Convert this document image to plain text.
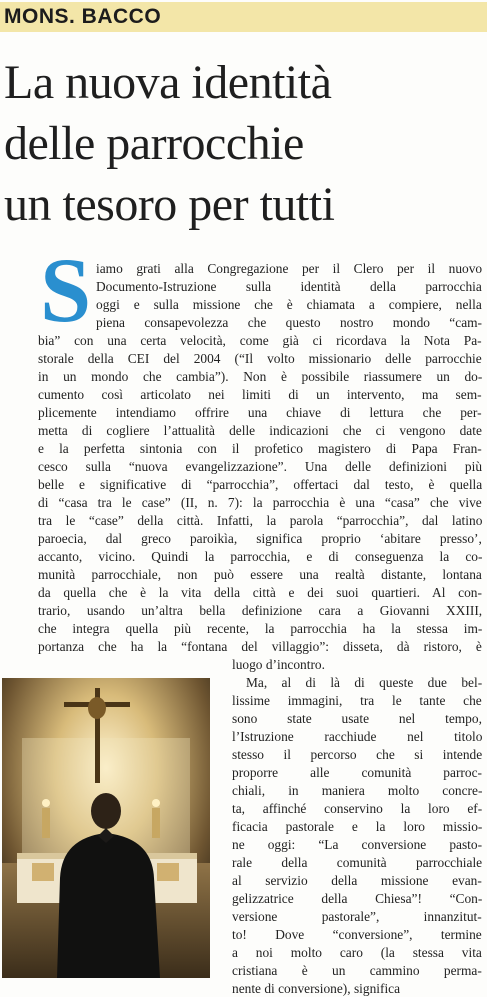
MONS. BACCO
La nuova identità
delle parrocchie
un tesoro per tutti
S iamo grati alla Congregazione per il Clero per il nuovo
Documento-Istruzione sulla identità della parrocchia
oggi e sulla missione che è chiamata a compiere, nella
piena consapevolezza che questo nostro mondo “cam-
bia” con una certa velocità, come già ci ricordava la Nota Pa-
storale della CEI del 2004 (“Il volto missionario delle parrocchie
in un mondo che cambia”). Non è possibile riassumere un do-
cumento così articolato nei limiti di un intervento, ma sem-
plicemente intendiamo offrire una chiave di lettura che per-
metta di cogliere l’attualità delle indicazioni che ci vengono date
e la perfetta sintonia con il profetico magistero di Papa Fran-
cesco sulla “nuova evangelizzazione”. Una delle definizioni più
belle e significative di “parrocchia”, offertaci dal testo, è quella
di “casa tra le case” (II, n. 7): la parrocchia è una “casa” che vive
tra le “case” della città. Infatti, la parola “parrocchia”, dal latino
paroecia, dal greco paroikìa, significa proprio ‘abitare presso’,
accanto, vicino. Quindi la parrocchia, e di conseguenza la co-
munità parrocchiale, non può essere una realtà distante, lontana
da quella che è la vita della città e dei suoi quartieri. Al con-
trario, usando un’altra bella definizione cara a Giovanni XXIII,
che integra quella più recente, la parrocchia ha la stessa im-
portanza che ha la “fontana del villaggio”: disseta, dà ristoro, è
luogo d’incontro.
Ma, al di là di queste due bel-
lissime immagini, tra le tante che
sono state usate nel tempo,
l’Istruzione racchiude nel titolo
stesso il percorso che si intende
proporre alle comunità parroc-
chiali, in maniera molto concre-
ta, affinché conservino la loro ef-
ficacia pastorale e la loro missio-
ne oggi: “La conversione pasto-
rale della comunità parrocchiale
al servizio della missione evan-
gelizzatrice della Chiesa”! “Con-
versione pastorale”, innanzitut-
to! Dove “conversione”, termine
a noi molto caro (la stessa vita
cristiana è un cammino perma-
nente di conversione), significa
